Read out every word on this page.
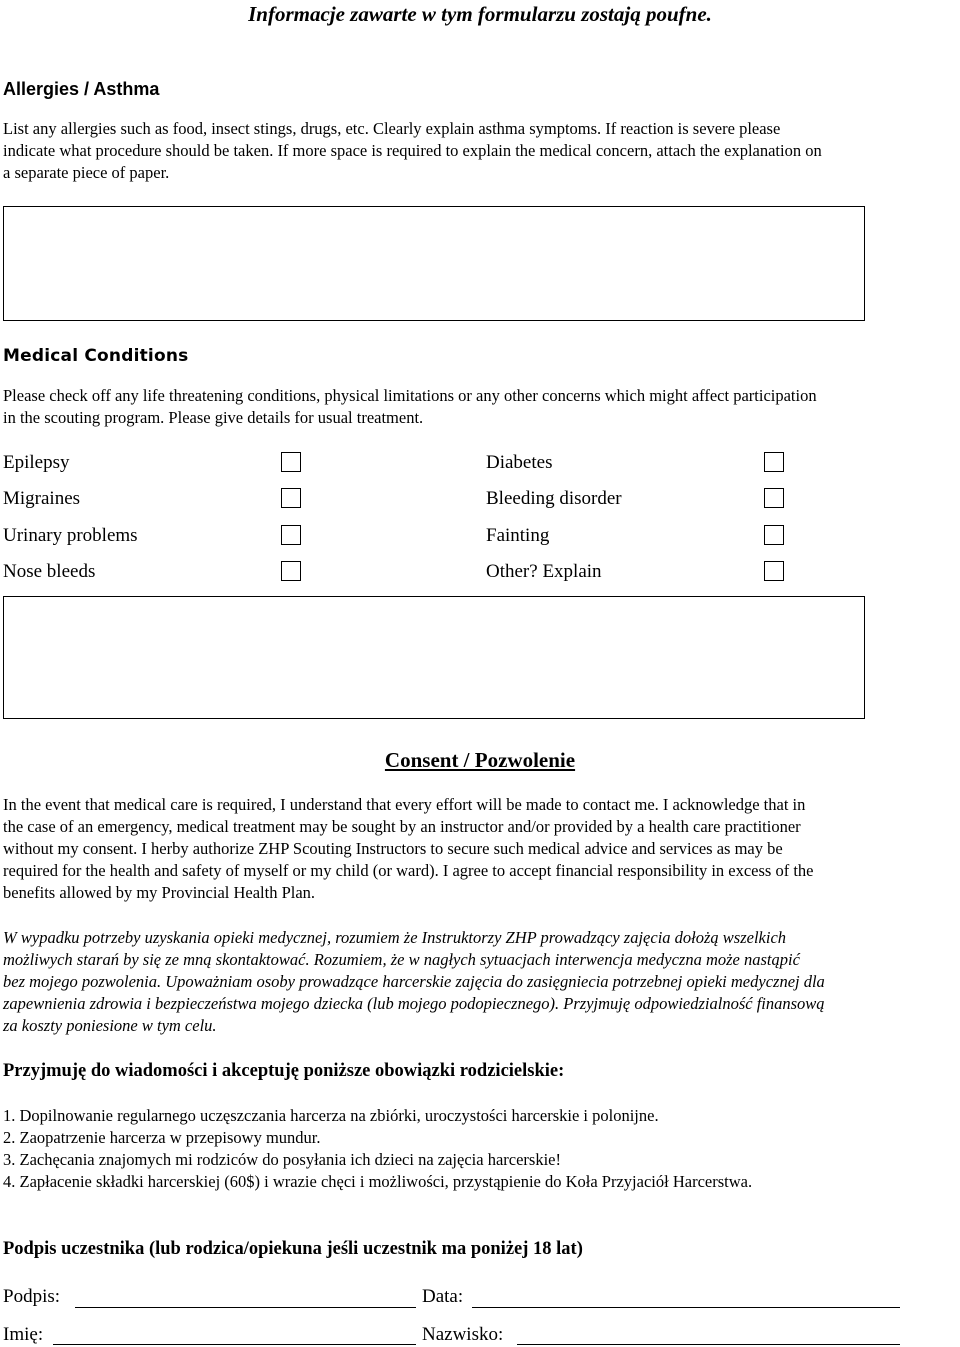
Informacje zawarte w tym formularzu zostają poufne.
Allergies / Asthma
List any allergies such as food, insect stings, drugs, etc. Clearly explain asthma symptoms. If reaction is severe please
indicate what procedure should be taken. If more space is required to explain the medical concern, attach the explanation on
a separate piece of paper.
Medical Conditions
Please check off any life threatening conditions, physical limitations or any other concerns which might affect participation
in the scouting program. Please give details for usual treatment.
Epilepsy
Migraines
Urinary problems
Nose bleeds
Diabetes
Bleeding disorder
Fainting
Other? Explain
Consent / Pozwolenie
In the event that medical care is required, I understand that every effort will be made to contact me. I acknowledge that in
the case of an emergency, medical treatment may be sought by an instructor and/or provided by a health care practitioner
without my consent. I herby authorize ZHP Scouting Instructors to secure such medical advice and services as may be
required for the health and safety of myself or my child (or ward). I agree to accept financial responsibility in excess of the
benefits allowed by my Provincial Health Plan.
W wypadku potrzeby uzyskania opieki medycznej, rozumiem że Instruktorzy ZHP prowadzący zajęcia dołożą wszelkich
możliwych starań by się ze mną skontaktować. Rozumiem, że w nagłych sytuacjach interwencja medyczna może nastąpić
bez mojego pozwolenia. Upoważniam osoby prowadzące harcerskie zajęcia do zasięgniecia potrzebnej opieki medycznej dla
zapewnienia zdrowia i bezpieczeństwa mojego dziecka (lub mojego podopiecznego). Przyjmuję odpowiedzialność finansową
za koszty poniesione w tym celu.
Przyjmuję do wiadomości i akceptuję poniższe obowiązki rodzicielskie:
1. Dopilnowanie regularnego uczęszczania harcerza na zbiórki, uroczystości harcerskie i polonijne.
2. Zaopatrzenie harcerza w przepisowy mundur.
3. Zachęcania znajomych mi rodziców do posyłania ich dzieci na zajęcia harcerskie!
4. Zapłacenie składki harcerskiej (60$) i wrazie chęci i możliwości, przystąpienie do Koła Przyjaciół Harcerstwa.
Podpis uczestnika (lub rodzica/opiekuna jeśli uczestnik ma poniżej 18 lat)
Podpis:	Data:
Imię:	Nazwisko:
